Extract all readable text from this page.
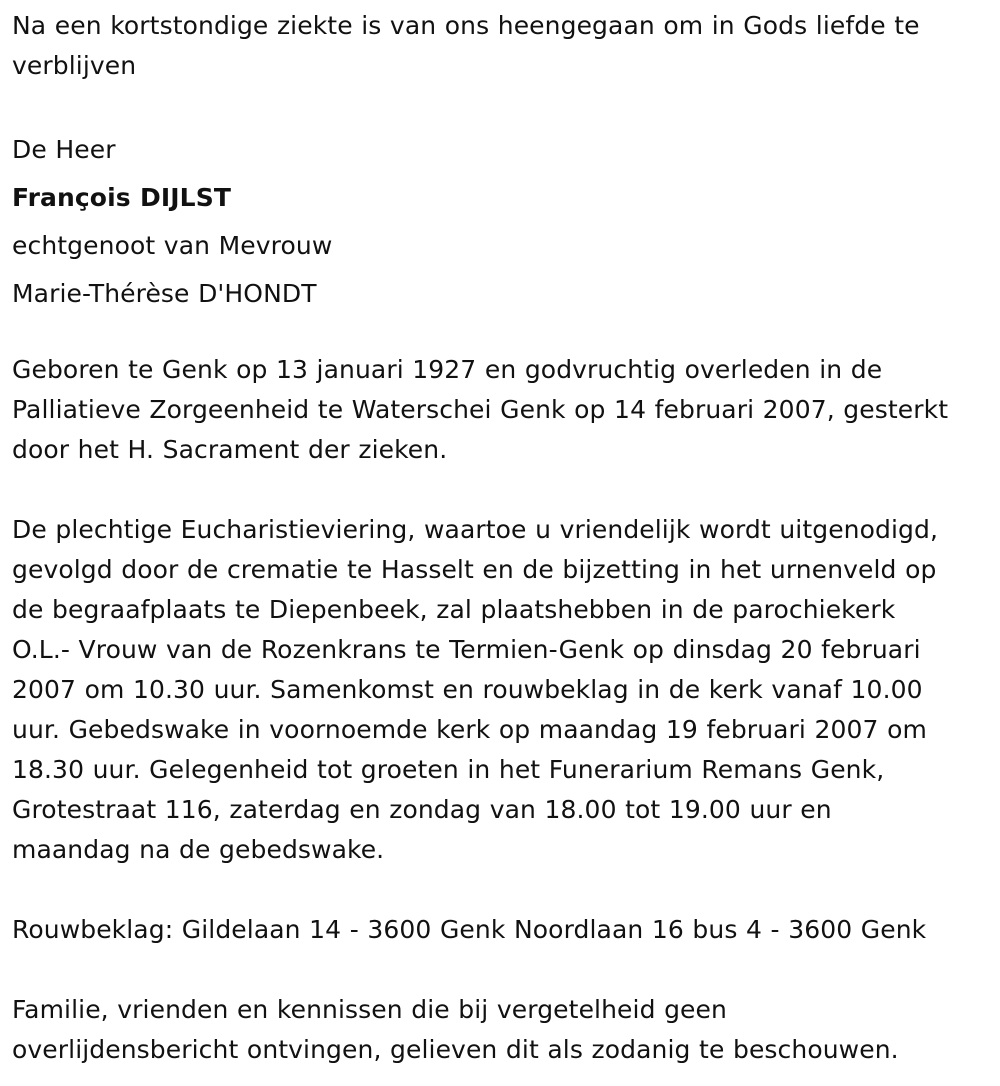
Na een kortstondige ziekte is van ons heengegaan om in Gods liefde te
verblijven

De Heer
François DIJLST
echtgenoot van Mevrouw
Marie-Thérèse D'HONDT

Geboren te Genk op 13 januari 1927 en godvruchtig overleden in de
Palliatieve Zorgeenheid te Waterschei Genk op 14 februari 2007, gesterkt
door het H. Sacrament der zieken.

De plechtige Eucharistieviering, waartoe u vriendelijk wordt uitgenodigd,
gevolgd door de crematie te Hasselt en de bijzetting in het urnenveld op
de begraafplaats te Diepenbeek, zal plaatshebben in de parochiekerk
O.L.- Vrouw van de Rozenkrans te Termien-Genk op dinsdag 20 februari
2007 om 10.30 uur. Samenkomst en rouwbeklag in de kerk vanaf 10.00
uur. Gebedswake in voornoemde kerk op maandag 19 februari 2007 om
18.30 uur. Gelegenheid tot groeten in het Funerarium Remans Genk,
Grotestraat 116, zaterdag en zondag van 18.00 tot 19.00 uur en
maandag na de gebedswake.

Rouwbeklag: Gildelaan 14 - 3600 Genk Noordlaan 16 bus 4 - 3600 Genk

Familie, vrienden en kennissen die bij vergetelheid geen
overlijdensbericht ontvingen, gelieven dit als zodanig te beschouwen.
